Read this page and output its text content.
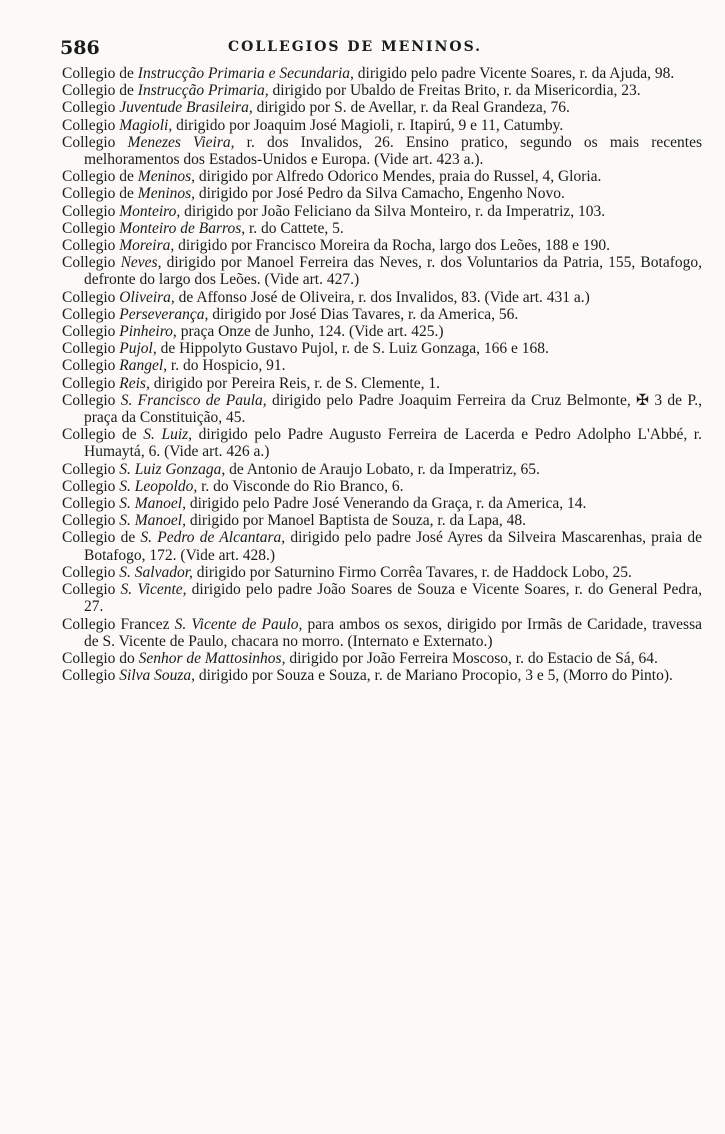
586	COLLEGIOS DE MENINOS.

Collegio de Instrucção Primaria e Secundaria, dirigido pelo padre Vicente Soares, r. da Ajuda, 98.

Collegio de Instrucção Primaria, dirigido por Ubaldo de Freitas Brito, r. da Misericordia, 23.

Collegio Juventude Brasileira, dirigido por S. de Avellar, r. da Real Grandeza, 76.

Collegio Magioli, dirigido por Joaquim José Magioli, r. Itapirú, 9 e 11, Catumby.

Collegio Menezes Vieira, r. dos Invalidos, 26. Ensino pratico, segundo os mais recentes melhoramentos dos Estados-Unidos e Europa. (Vide art. 423 a.).

Collegio de Meninos, dirigido por Alfredo Odorico Mendes, praia do Russel, 4, Gloria.

Collegio de Meninos, dirigido por José Pedro da Silva Camacho, Engenho Novo.

Collegio Monteiro, dirigido por João Feliciano da Silva Monteiro, r. da Imperatriz, 103.

Collegio Monteiro de Barros, r. do Cattete, 5.

Collegio Moreira, dirigido por Francisco Moreira da Rocha, largo dos Leões, 188 e 190.

Collegio Neves, dirigido por Manoel Ferreira das Neves, r. dos Voluntarios da Patria, 155, Botafogo, defronte do largo dos Leões. (Vide art. 427.)

Collegio Oliveira, de Affonso José de Oliveira, r. dos Invalidos, 83. (Vide art. 431 a.)

Collegio Perseverança, dirigido por José Dias Tavares, r. da America, 56.

Collegio Pinheiro, praça Onze de Junho, 124. (Vide art. 425.)

Collegio Pujol, de Hippolyto Gustavo Pujol, r. de S. Luiz Gonzaga, 166 e 168.

Collegio Rangel, r. do Hospicio, 91.

Collegio Reis, dirigido por Pereira Reis, r. de S. Clemente, 1.

Collegio S. Francisco de Paula, dirigido pelo Padre Joaquim Ferreira da Cruz Belmonte, ✠ 3 de P., praça da Constituição, 45.

Collegio de S. Luiz, dirigido pelo Padre Augusto Ferreira de Lacerda e Pedro Adolpho L'Abbé, r. Humaytá, 6. (Vide art. 426 a.)

Collegio S. Luiz Gonzaga, de Antonio de Araujo Lobato, r. da Imperatriz, 65.

Collegio S. Leopoldo, r. do Visconde do Rio Branco, 6.

Collegio S. Manoel, dirigido pelo Padre José Venerando da Graça, r. da America, 14.

Collegio S. Manoel, dirigido por Manoel Baptista de Souza, r. da Lapa, 48.

Collegio de S. Pedro de Alcantara, dirigido pelo padre José Ayres da Silveira Mascarenhas, praia de Botafogo, 172. (Vide art. 428.)

Collegio S. Salvador, dirigido por Saturnino Firmo Corrêa Tavares, r. de Haddock Lobo, 25.

Collegio S. Vicente, dirigido pelo padre João Soares de Souza e Vicente Soares, r. do General Pedra, 27.

Collegio Francez S. Vicente de Paulo, para ambos os sexos, dirigido por Irmãs de Caridade, travessa de S. Vicente de Paulo, chacara no morro. (Internato e Externato.)

Collegio do Senhor de Mattosinhos, dirigido por João Ferreira Moscoso, r. do Estacio de Sá, 64.

Collegio Silva Souza, dirigido por Souza e Souza, r. de Mariano Procopio, 3 e 5, (Morro do Pinto).
